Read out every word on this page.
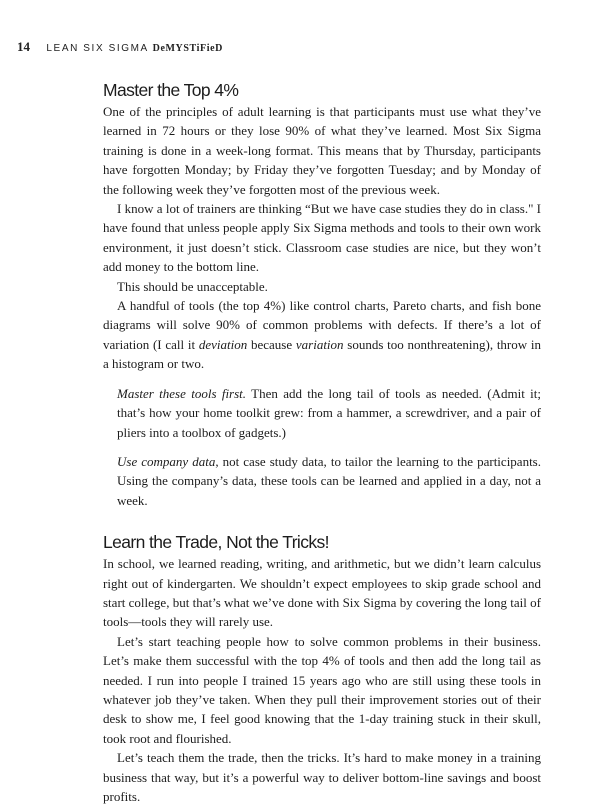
14 LEAN SIX SIGMA DeMYSTiFieD
Master the Top 4%

One of the principles of adult learning is that participants must use what they’ve learned in 72 hours or they lose 90% of what they’ve learned. Most Six Sigma training is done in a week-long format. This means that by Thursday, participants have forgotten Monday; by Friday they’ve forgotten Tuesday; and by Monday of the following week they’ve forgotten most of the previous week.

I know a lot of trainers are thinking “But we have case studies they do in class." I have found that unless people apply Six Sigma methods and tools to their own work environment, it just doesn’t stick. Classroom case studies are nice, but they won’t add money to the bottom line.

This should be unacceptable.

A handful of tools (the top 4%) like control charts, Pareto charts, and fish bone diagrams will solve 90% of common problems with defects. If there’s a lot of variation (I call it deviation because variation sounds too nonthreatening), throw in a histogram or two.

Master these tools first. Then add the long tail of tools as needed. (Admit it; that’s how your home toolkit grew: from a hammer, a screwdriver, and a pair of pliers into a toolbox of gadgets.)

Use company data, not case study data, to tailor the learning to the participants. Using the company’s data, these tools can be learned and applied in a day, not a week.

Learn the Trade, Not the Tricks!

In school, we learned reading, writing, and arithmetic, but we didn’t learn calculus right out of kindergarten. We shouldn’t expect employees to skip grade school and start college, but that’s what we’ve done with Six Sigma by covering the long tail of tools—tools they will rarely use.

Let’s start teaching people how to solve common problems in their business. Let’s make them successful with the top 4% of tools and then add the long tail as needed. I run into people I trained 15 years ago who are still using these tools in whatever job they’ve taken. When they pull their improvement stories out of their desk to show me, I feel good knowing that the 1-day training stuck in their skull, took root and flourished.

Let’s teach them the trade, then the tricks. It’s hard to make money in a training business that way, but it’s a powerful way to deliver bottom-line savings and boost profits.
